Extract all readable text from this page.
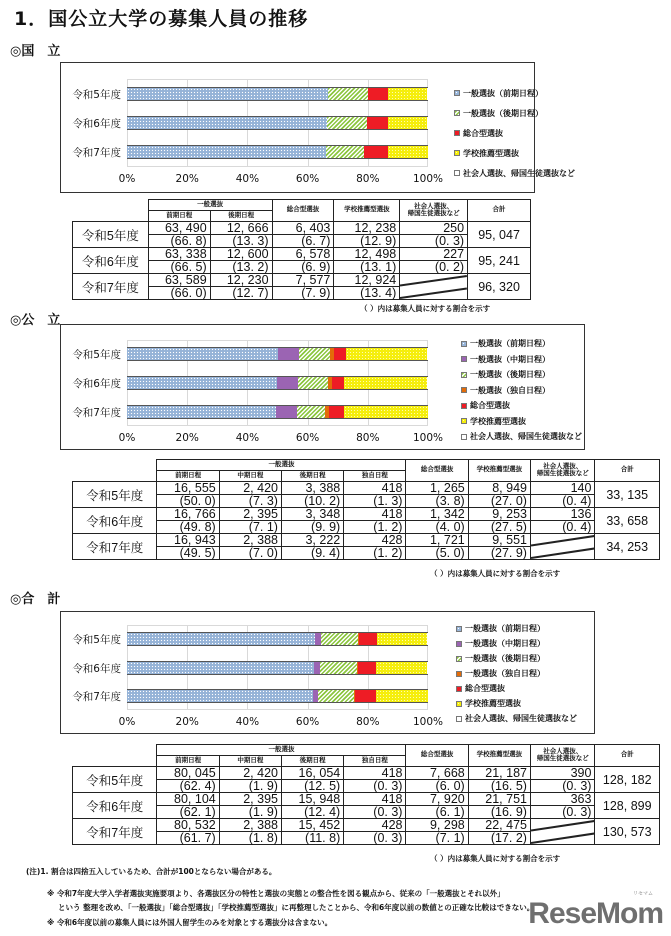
1．国公立大学の募集人員の推移
◎国　立
令和5年度
令和6年度
令和7年度
0%	20%	40%	60%	80%	100%
一般選抜（前期日程）
一般選抜（後期日程）
総合型選抜
学校推薦型選抜
社会人選抜、帰国生徒選抜など
	一般選抜		総合型選抜	学校推薦型選抜	社会人選抜、
帰国生徒選抜など	合計
	前期日程	後期日程				
令和5年度	63, 490	12, 666	6, 403	12, 238	250	95, 047
	(66. 8)	(13. 3)	(6. 7)	(12. 9)	(0. 3)	
令和6年度	63, 338	12, 600	6, 578	12, 498	227	95, 241
	(66. 5)	(13. 2)	(6. 9)	(13. 1)	(0. 2)	
令和7年度	63, 589	12, 230	7, 577	12, 924		96, 320
	(66. 0)	(12. 7)	(7. 9)	(13. 4)		
（ ）内は募集人員に対する割合を示す
◎公　立
令和5年度
令和6年度
令和7年度
0%	20%	40%	60%	80%	100%
一般選抜（前期日程）
一般選抜（中期日程）
一般選抜（後期日程）
一般選抜（独自日程）
総合型選抜
学校推薦型選抜
社会人選抜、帰国生徒選抜など
	一般選抜				総合型選抜	学校推薦型選抜	社会人選抜、
帰国生徒選抜など	合計
	前期日程	中期日程	後期日程	独自日程				
令和5年度	16, 555	2, 420	3, 388	418	1, 265	8, 949	140	33, 135
	(50. 0)	(7. 3)	(10. 2)	(1. 3)	(3. 8)	(27. 0)	(0. 4)	
令和6年度	16, 766	2, 395	3, 348	418	1, 342	9, 253	136	33, 658
	(49. 8)	(7. 1)	(9. 9)	(1. 2)	(4. 0)	(27. 5)	(0. 4)	
令和7年度	16, 943	2, 388	3, 222	428	1, 721	9, 551		34, 253
	(49. 5)	(7. 0)	(9. 4)	(1. 2)	(5. 0)	(27. 9)		
（ ）内は募集人員に対する割合を示す
◎合　計
令和5年度
令和6年度
令和7年度
0%	20%	40%	60%	80%	100%
一般選抜（前期日程）
一般選抜（中期日程）
一般選抜（後期日程）
一般選抜（独自日程）
総合型選抜
学校推薦型選抜
社会人選抜、帰国生徒選抜など
	一般選抜				総合型選抜	学校推薦型選抜	社会人選抜、
帰国生徒選抜など	合計
	前期日程	中期日程	後期日程	独自日程				
令和5年度	80, 045	2, 420	16, 054	418	7, 668	21, 187	390	128, 182
	(62. 4)	(1. 9)	(12. 5)	(0. 3)	(6. 0)	(16. 5)	(0. 3)	
令和6年度	80, 104	2, 395	15, 948	418	7, 920	21, 751	363	128, 899
	(62. 1)	(1. 9)	(12. 4)	(0. 3)	(6. 1)	(16. 9)	(0. 3)	
令和7年度	80, 532	2, 388	15, 452	428	9, 298	22, 475		130, 573
	(61. 7)	(1. 8)	(11. 8)	(0. 3)	(7. 1)	(17. 2)		
（ ）内は募集人員に対する割合を示す
(注)1. 割合は四捨五入しているため、合計が100とならない場合がある。
※ 令和7年度大学入学者選抜実施要項より、各選抜区分の特性と選抜の実態との整合性を図る観点から、従来の「一般選抜とそれ以外」
という 整理を改め、「一般選抜」「総合型選抜」「学校推薦型選抜」に再整理したことから、令和6年度以前の数値との正確な比較はできない。
※ 令和6年度以前の募集人員には外国人留学生のみを対象とする選抜分は含まない。
リセマム
ReseMom
